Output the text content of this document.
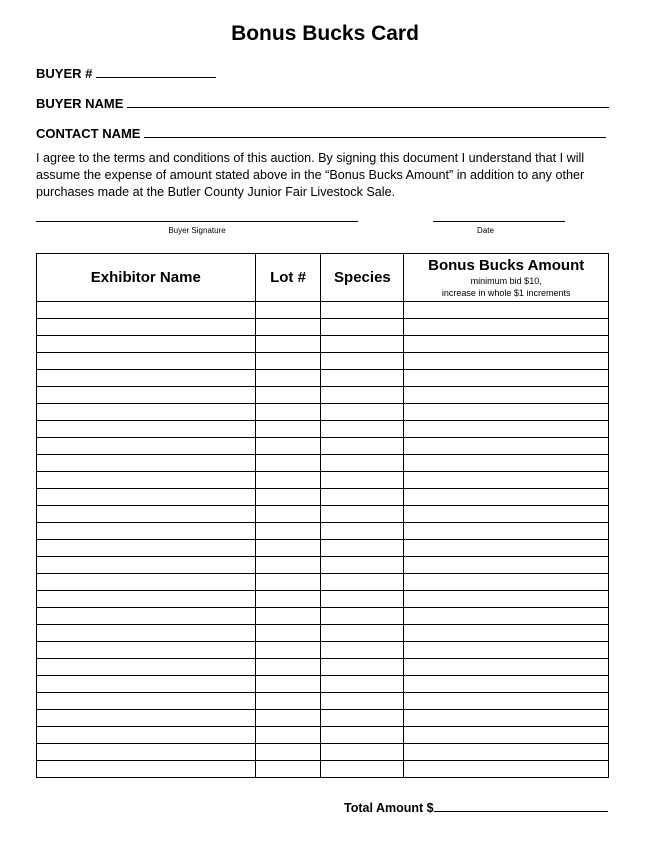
Bonus Bucks Card
BUYER #
BUYER NAME
CONTACT NAME
I agree to the terms and conditions of this auction. By signing this document I understand that I will assume the expense of amount stated above in the “Bonus Bucks Amount” in addition to any other purchases made at the Butler County Junior Fair Livestock Sale.
Buyer Signature	Date
Exhibitor Name	Lot #	Species	Bonus Bucks Amount
minimum bid $10,
increase in whole $1 increments

Total Amount $
